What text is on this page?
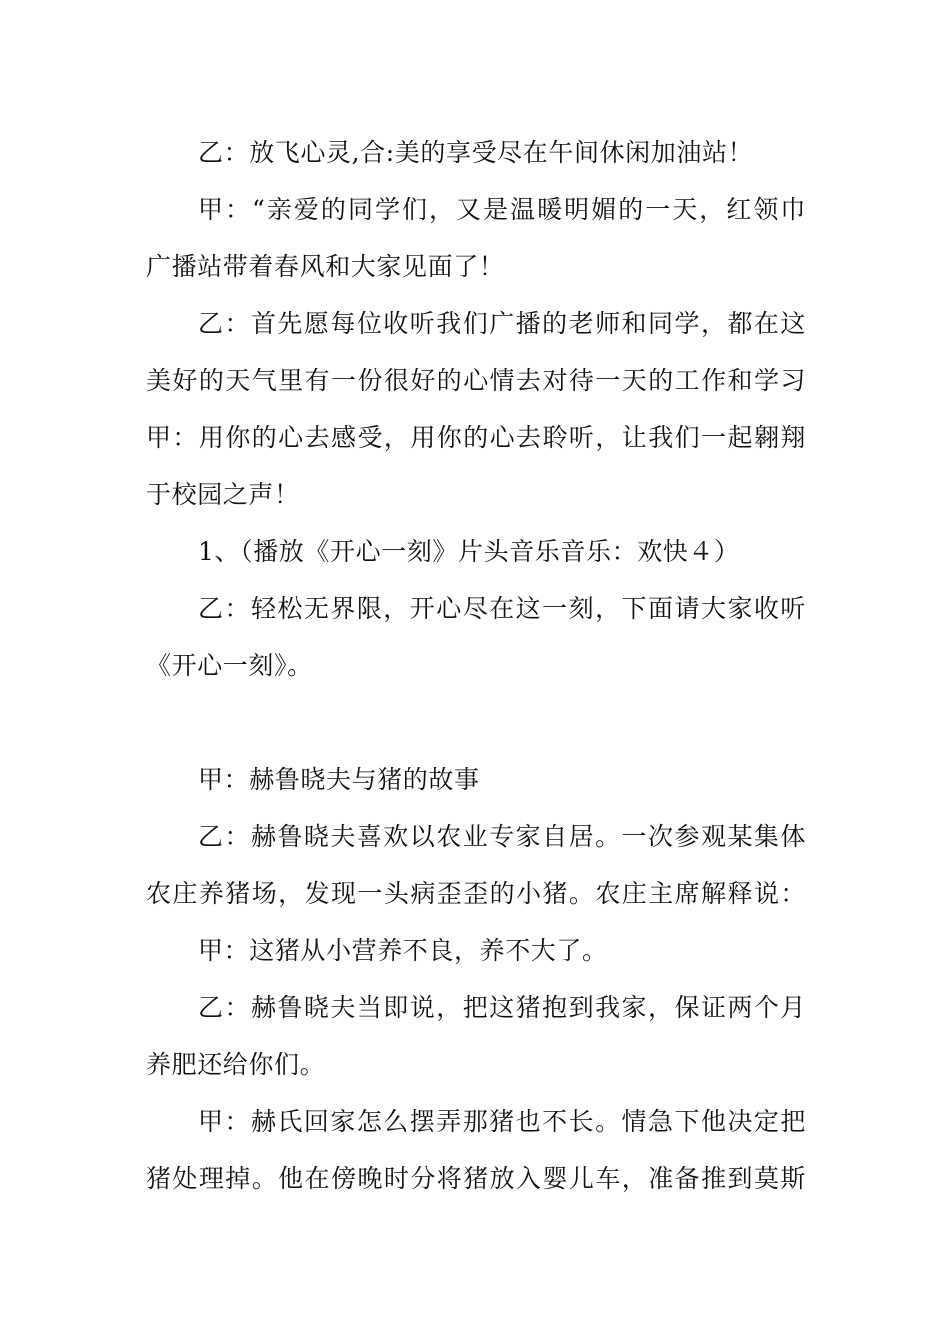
乙：放飞心灵,合:美的享受尽在午间休闲加油站！
甲：“亲爱的同学们，又是温暖明媚的一天，红领巾
广播站带着春风和大家见面了！
乙：首先愿每位收听我们广播的老师和同学，都在这
美好的天气里有一份很好的心情去对待一天的工作和学习
甲：用你的心去感受，用你的心去聆听，让我们一起翱翔
于校园之声！
1、（播放《开心一刻》片头音乐音乐：欢快４）
乙：轻松无界限，开心尽在这一刻，下面请大家收听
《开心一刻》。
甲：赫鲁晓夫与猪的故事
乙：赫鲁晓夫喜欢以农业专家自居。一次参观某集体
农庄养猪场，发现一头病歪歪的小猪。农庄主席解释说：
甲：这猪从小营养不良，养不大了。
乙：赫鲁晓夫当即说，把这猪抱到我家，保证两个月
养肥还给你们。
甲：赫氏回家怎么摆弄那猪也不长。情急下他决定把
猪处理掉。他在傍晚时分将猪放入婴儿车，准备推到莫斯
